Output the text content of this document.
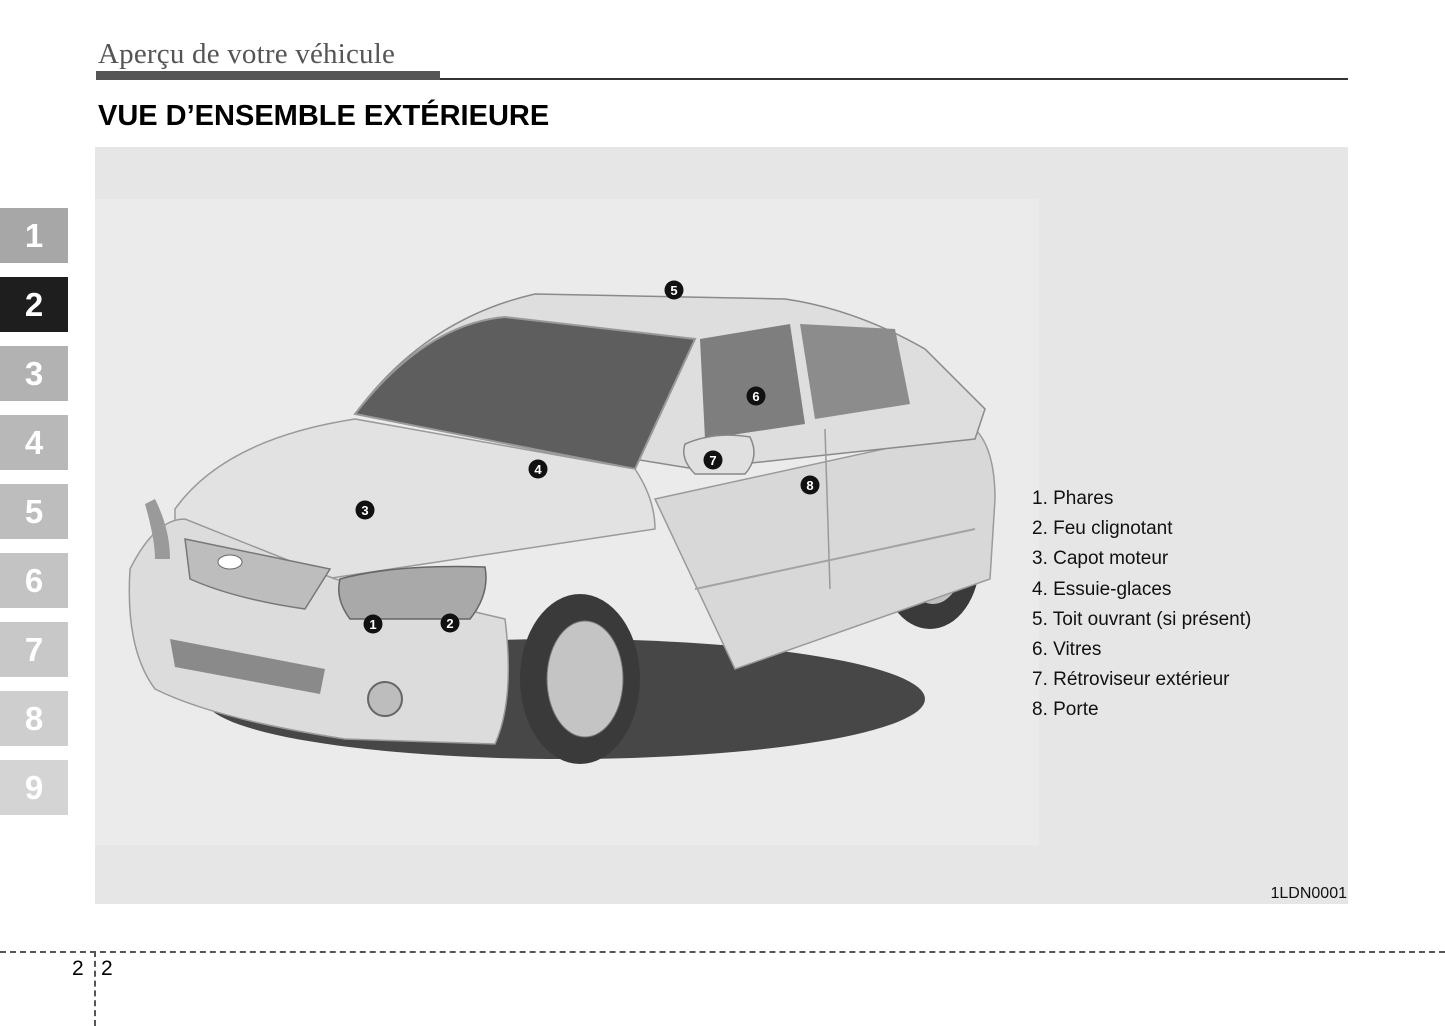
Aperçu de votre véhicule
VUE D’ENSEMBLE EXTÉRIEURE
1
2
3
4
5
6
7
8
9
1	2
3
4
5
6
7
8
1. Phares
2. Feu clignotant
3. Capot moteur
4. Essuie-glaces
5. Toit ouvrant (si présent)
6. Vitres
7. Rétroviseur extérieur
8. Porte
1LDN0001
2 2
